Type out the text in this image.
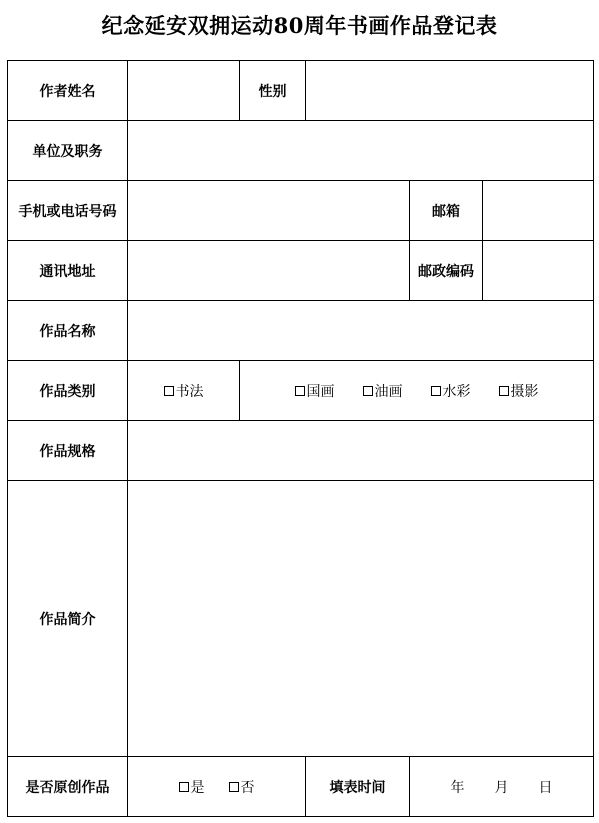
纪念延安双拥运动80周年书画作品登记表
作者姓名		性别			
单位及职务					
手机或电话号码				邮箱	
通讯地址				邮政编码	
作品名称					
作品类别	书法	国画 油画 水彩 摄影			

作品规格					
作品简介					
是否原创作品	是 否		填表时间	年 月 日	
